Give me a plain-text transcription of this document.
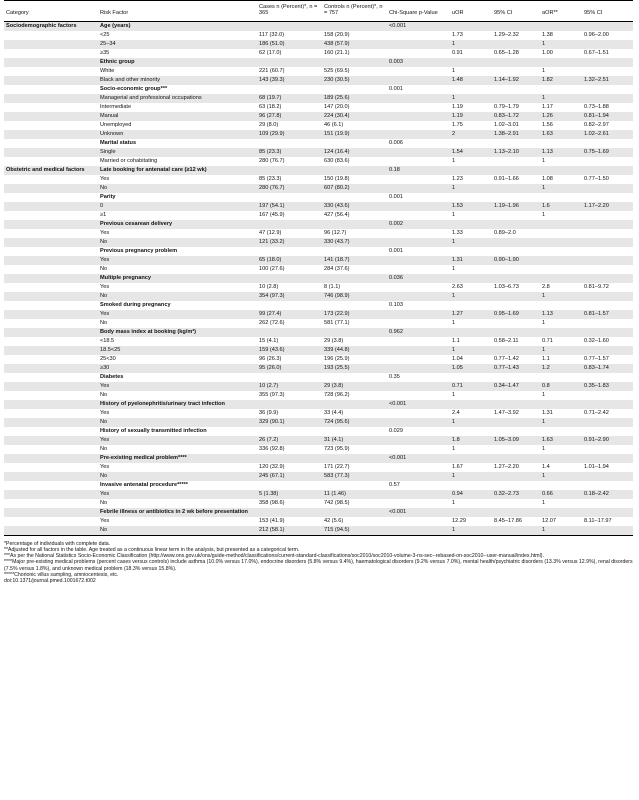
Category	Risk Factor	Cases n (Percent)*, n = 365	Controls n (Percent)*, n = 757	Chi-Square p-Value	uOR	95% CI	aOR**	95% CI
Sociodemographic factors	Age (years)			<0.001				
	<25	117 (32.0)	158 (20.9)		1.73	1.29–2.32	1.38	0.96–2.00
	25–34	186 (51.0)	438 (57.9)		1		1	
	≥35	62 (17.0)	160 (21.1)		0.91	0.65–1.28	1.00	0.67–1.51
	Ethnic group			0.003				
	White	221 (60.7)	525 (69.5)		1		1	
	Black and other minority	143 (39.3)	230 (30.5)		1.48	1.14–1.92	1.82	1.32–2.51
	Socio-economic group***			0.001				
	Managerial and professional occupations	68 (19.7)	189 (25.6)		1		1	
	Intermediate	63 (18.2)	147 (20.0)		1.19	0.79–1.79	1.17	0.73–1.88
	Manual	96 (27.8)	224 (30.4)		1.19	0.83–1.72	1.26	0.81–1.94
	Unemployed	29 (8.0)	46 (6.1)		1.75	1.02–3.01	1.56	0.82–2.97
	Unknown	109 (29.9)	151 (19.9)		2	1.38–2.91	1.63	1.02–2.61
	Marital status			0.006				
	Single	85 (23.3)	124 (16.4)		1.54	1.13–2.10	1.13	0.75–1.69
	Married or cohabitating	280 (76.7)	630 (83.6)		1		1	
Obstetric and medical factors	Late booking for antenatal care (≥12 wk)			0.18				
	Yes	85 (23.3)	150 (19.8)		1.23	0.91–1.66	1.08	0.77–1.50
	No	280 (76.7)	607 (80.2)		1		1	
	Parity			0.001				
	0	197 (54.1)	330 (43.6)		1.53	1.19–1.96	1.6	1.17–2.20
	≥1	167 (45.9)	427 (56.4)		1		1	
	Previous cesarean delivery			0.002				
	Yes	47 (12.9)	96 (12.7)		1.33	0.89–2.0		
	No	121 (33.2)	330 (43.7)		1			
	Previous pregnancy problem			0.001				
	Yes	65 (18.0)	141 (18.7)		1.31	0.90–1.90		
	No	100 (27.6)	284 (37.6)		1			
	Multiple pregnancy			0.036				
	Yes	10 (2.8)	8 (1.1)		2.63	1.03–6.73	2.8	0.81–9.72
	No	354 (97.3)	746 (98.9)		1		1	
	Smoked during pregnancy			0.103				
	Yes	99 (27.4)	173 (22.9)		1.27	0.95–1.69	1.13	0.81–1.57
	No	262 (72.6)	581 (77.1)		1		1	
	Body mass index at booking (kg/m²)			0.962				
	<18.5	15 (4.1)	29 (3.8)		1.1	0.58–2.11	0.71	0.32–1.60
	18.5<25	159 (43.6)	339 (44.8)		1		1	
	25<30	96 (26.3)	196 (25.9)		1.04	0.77–1.42	1.1	0.77–1.57
	≥30	95 (26.0)	193 (25.5)		1.05	0.77–1.43	1.2	0.83–1.74
	Diabetes			0.35				
	Yes	10 (2.7)	29 (3.8)		0.71	0.34–1.47	0.8	0.35–1.83
	No	355 (97.3)	728 (96.2)		1		1	
	History of pyelonephritis/urinary tract infection			<0.001				
	Yes	36 (9.9)	33 (4.4)		2.4	1.47–3.92	1.31	0.71–2.42
	No	329 (90.1)	724 (95.6)		1		1	
	History of sexually transmitted infection			0.029				
	Yes	26 (7.2)	31 (4.1)		1.8	1.05–3.09	1.63	0.91–2.90
	No	336 (92.8)	723 (95.9)		1		1	
	Pre-existing medical problem****			<0.001				
	Yes	120 (32.9)	171 (22.7)		1.67	1.27–2.20	1.4	1.01–1.94
	No	245 (67.1)	583 (77.3)		1		1	
	Invasive antenatal procedure*****			0.57				
	Yes	5 (1.38)	11 (1.46)		0.94	0.32–2.73	0.66	0.18–2.42
	No	358 (98.6)	742 (98.5)		1		1	
	Febrile illness or antibiotics in 2 wk before presentation			<0.001				
	Yes	153 (41.9)	42 (5.6)		12.29	8.45–17.86	12.07	8.11–17.97
	No	212 (58.1)	715 (94.5)		1		1	
*Percentage of individuals with complete data.
**Adjusted for all factors in the table. Age treated as a continuous linear term in the analysis, but presented as a categorical term.
***As per the National Statistics Socio-Economic Classification (http://www.ons.gov.uk/ons/guide-method/classifications/current-standard-classifications/soc2010/soc2010-volume-3-ns-sec--rebased-on-soc2010--user-manual/index.html).
****Major pre-existing medical problems (percent cases versus controls) include asthma (10.0% versus 17.0%), endocrine disorders (5.8% versus 9.4%), haematological disorders (9.2% versus 7.0%), mental health/psychiatric disorders (13.3% versus 12.9%), renal disorders (7.5% versus 1.8%), and unknown medical problem (18.3% versus 15.8%).
*****Chorionic villus sampling, amniocentesis, etc.
doi:10.1371/journal.pmed.1001672.t002
